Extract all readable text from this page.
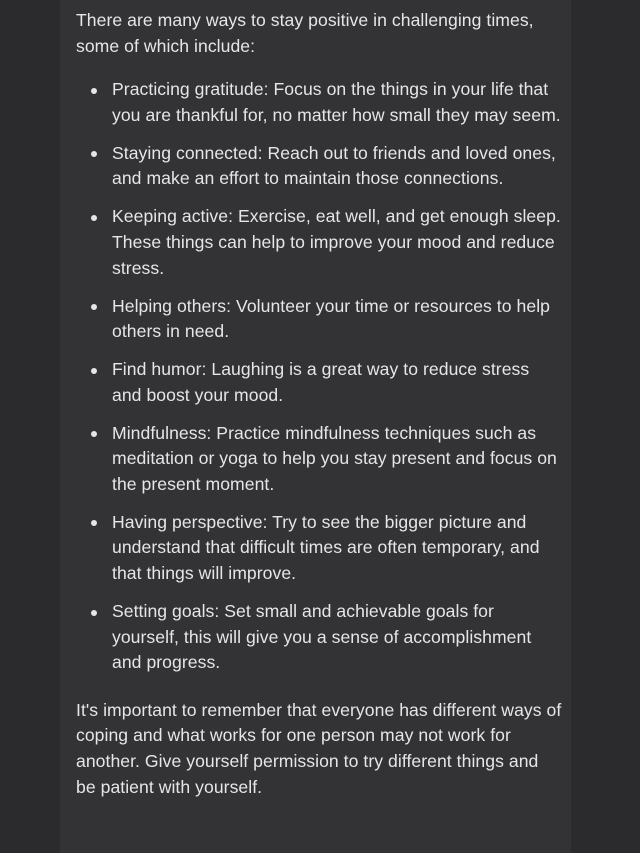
There are many ways to stay positive in challenging times, some of which include:

Practicing gratitude: Focus on the things in your life that you are thankful for, no matter how small they may seem.
Staying connected: Reach out to friends and loved ones, and make an effort to maintain those connections.
Keeping active: Exercise, eat well, and get enough sleep. These things can help to improve your mood and reduce stress.
Helping others: Volunteer your time or resources to help others in need.
Find humor: Laughing is a great way to reduce stress and boost your mood.
Mindfulness: Practice mindfulness techniques such as meditation or yoga to help you stay present and focus on the present moment.
Having perspective: Try to see the bigger picture and understand that difficult times are often temporary, and that things will improve.
Setting goals: Set small and achievable goals for yourself, this will give you a sense of accomplishment and progress.

It's important to remember that everyone has different ways of coping and what works for one person may not work for another. Give yourself permission to try different things and be patient with yourself.
